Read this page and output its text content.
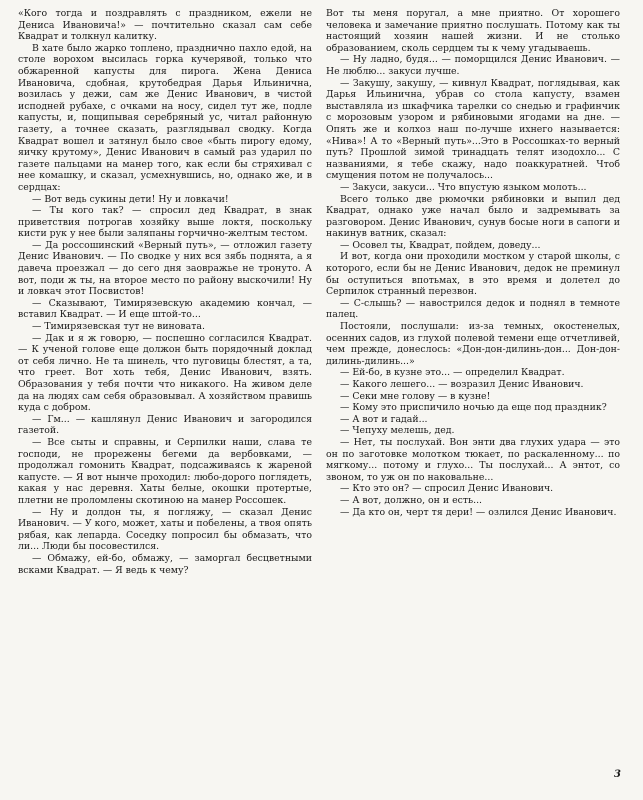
«Кого тогда и поздравлять с праздником, ежели не Дениса Ивановича!» — почтительно сказал сам себе Квадрат и толкнул калитку.

В хате было жарко топлено, празднично пахло едой, на столе ворохом высилась горка кучерявой, только что обжаренной капусты для пирога. Жена Дениса Ивановича, сдобная, крутобедрая Дарья Ильинична, возилась у дежи, сам же Денис Иванович, в чистой исподней рубахе, с очками на носу, сидел тут же, подле капусты, и, пощипывая серебряный ус, читал районную газету, а точнее сказать, разглядывал сводку. Когда Квадрат вошел и затянул было свое «быть пирогу едому, яичку крутому», Денис Иванович в самый раз ударил по газете пальцами на манер того, как если бы стряхивал с нее комашку, и сказал, усмехнувшись, но, однако же, и в сердцах:

— Вот ведь сукины дети! Ну и ловкачи!

— Ты кого так? — спросил дед Квадрат, в знак приветствия потрогав хозяйку выше локтя, поскольку кисти рук у нее были заляпаны горчично-желтым тестом.

— Да россошинский «Верный путь», — отложил газету Денис Иванович. — По сводке у них вся зябь поднята, а я давеча проезжал — до сего дня заовражье не тронуто. А вот, поди ж ты, на второе место по району выскочили! Ну и ловкач этот Посвистов!

— Сказывают, Тимирязевскую академию кончал, — вставил Квадрат. — И еще штой-то...

— Тимирязевская тут не виновата.

— Дак и я ж говорю, — поспешно согласился Квадрат. — К ученой голове еще должон быть порядочный доклад от себя лично. Не та шинель, что пуговицы блестят, а та, что греет. Вот хоть тебя, Денис Иванович, взять. Образования у тебя почти что никакого. На живом деле да на людях сам себя образовывал. А хозяйством правишь куда с добром.

— Гм... — кашлянул Денис Иванович и загородился газетой.

— Все сыты и справны, и Серпилки наши, слава те господи, не прорежены бегеми да вербовками, — продолжал гомонить Квадрат, подсаживаясь к жареной капусте. — Я вот нынче проходил: любо-дорого поглядеть, какая у нас деревня. Хаты белые, окошки протертые, плетни не проломлены скотиною на манер Россошек.

— Ну и долдон ты, я погляжу, — сказал Денис Иванович. — У кого, может, хаты и побелены, а твоя опять рябая, как лепарда. Соседку попросил бы обмазать, что ли... Люди бы посовестился.

— Обмажу, ей-бо, обмажу, — заморгал бесцветными всками Квадрат. — Я ведь к чему?

Вот ты меня поругал, а мне приятно. От хорошего человека и замечание приятно послушать. Потому как ты настоящий хозяин нашей жизни. И не столько образованием, сколь сердцем ты к чему угадываешь.

— Ну ладно, будя... — поморщился Денис Иванович. — Не люблю... закуси лучше.

— Закушу, закушу, — кивнул Квадрат, поглядывая, как Дарья Ильинична, убрав со стола капусту, взамен выставляла из шкафчика тарелки со снедью и графинчик с морозовым узором и рябиновыми ягодами на дне. — Опять же и колхоз наш по-лучше ихнего называется: «Нива»! А то «Верный путь»...Это в Россошках-то верный путь? Прошлой зимой тринадцать телят изодохло... С названиями, я тебе скажу, надо поаккуратней. Чтоб смущения потом не получалось...

— Закуси, закуси... Что впустую языком молоть...

Всего только две рюмочки рябиновки и выпил дед Квадрат, однако уже начал было и задремывать за разговором. Денис Иванович, сунув босые ноги в сапоги и накинув ватник, сказал:

— Осовел ты, Квадрат, пойдем, доведу...

И вот, когда они проходили мостком у старой школы, с которого, если бы не Денис Иванович, дедок не преминул бы оступиться впотьмах, в это время и долетел до Серпилок странный перезвон.

— С-слышь? — навострился дедок и поднял в темноте палец.

Постояли, послушали: из-за темных, окостенелых, осенних садов, из глухой полевой темени еще отчетливей, чем прежде, донеслось: «Дон-дон-дилинь-дон... Дон-дон-дилинь-дилинь...»

— Ей-бо, в кузне это... — определил Квадрат.

— Какого лешего... — возразил Денис Иванович.

— Секи мне голову — в кузне!

— Кому это приспичило ночью да еще под праздник?

— А вот и гадай...

— Чепуху мелешь, дед.

— Нет, ты послухай. Вон энти два глухих удара — это он по заготовке молотком тюкает, по раскаленному... по мягкому... потому и глухо... Ты послухай... А энтот, со звоном, то уж он по наковальне...

— Кто это он? — спросил Денис Иванович.

— А вот, должно, он и есть...

— Да кто он, черт тя дери! — озлился Денис Иванович.

3
